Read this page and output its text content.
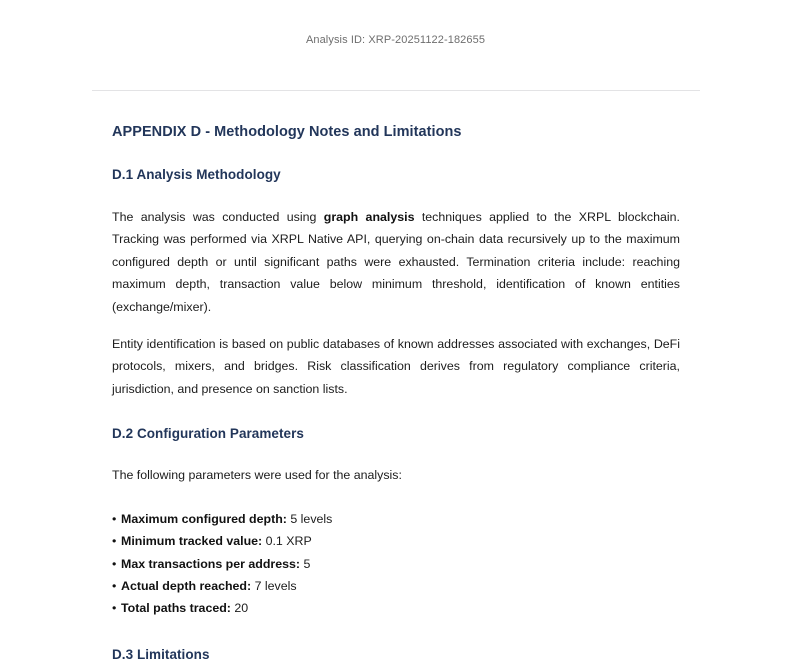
Analysis ID: XRP-20251122-182655
APPENDIX D - Methodology Notes and Limitations
D.1 Analysis Methodology

The analysis was conducted using graph analysis techniques applied to the XRPL blockchain. Tracking was performed via XRPL Native API, querying on-chain data recursively up to the maximum configured depth or until significant paths were exhausted. Termination criteria include: reaching maximum depth, transaction value below minimum threshold, identification of known entities (exchange/mixer).

Entity identification is based on public databases of known addresses associated with exchanges, DeFi protocols, mixers, and bridges. Risk classification derives from regulatory compliance criteria, jurisdiction, and presence on sanction lists.

D.2 Configuration Parameters

The following parameters were used for the analysis:

• Maximum configured depth: 5 levels
• Minimum tracked value: 0.1 XRP
• Max transactions per address: 5
• Actual depth reached: 7 levels
• Total paths traced: 20
D.3 Limitations
